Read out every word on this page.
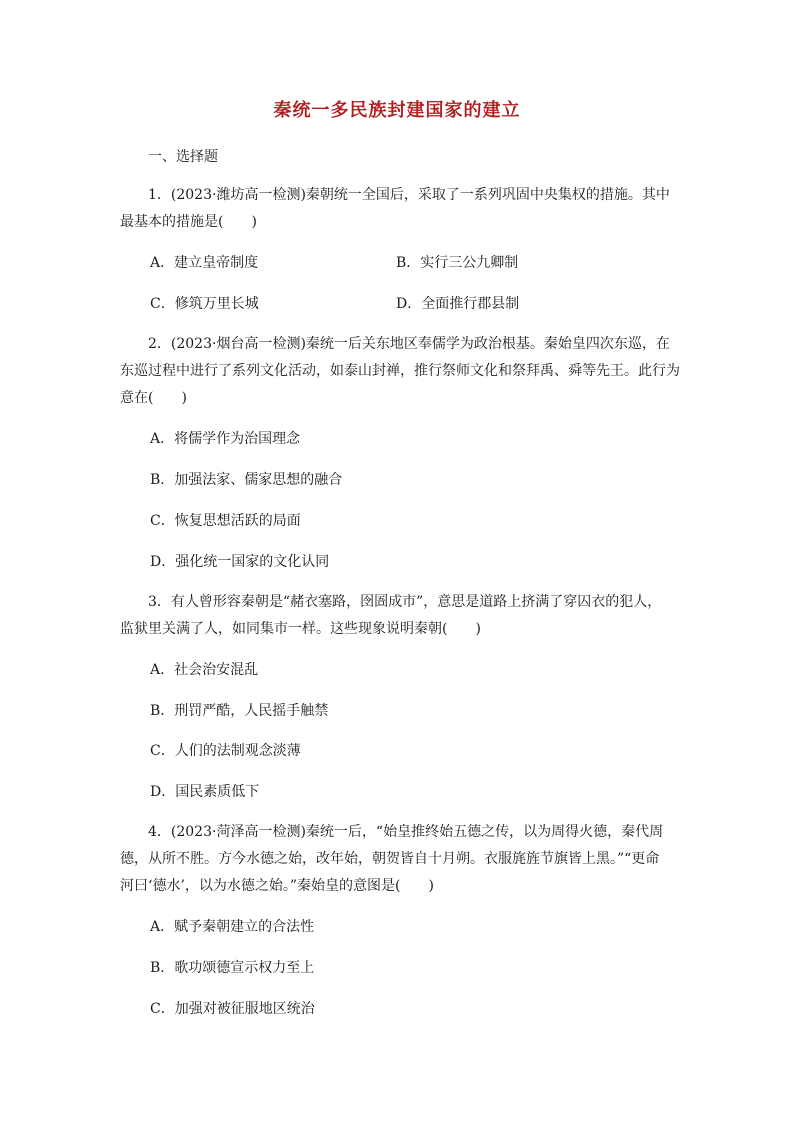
秦统一多民族封建国家的建立
一、选择题
1．(2023·潍坊高一检测)秦朝统一全国后，采取了一系列巩固中央集权的措施。其中
最基本的措施是(　　)
A．建立皇帝制度	B．实行三公九卿制
C．修筑万里长城	D．全面推行郡县制
2．(2023·烟台高一检测)秦统一后关东地区奉儒学为政治根基。秦始皇四次东巡，在
东巡过程中进行了系列文化活动，如泰山封禅，推行祭师文化和祭拜禹、舜等先王。此行为
意在(　　)
A．将儒学作为治国理念
B．加强法家、儒家思想的融合
C．恢复思想活跃的局面
D．强化统一国家的文化认同
3．有人曾形容秦朝是“赭衣塞路，囹圄成市”，意思是道路上挤满了穿囚衣的犯人，
监狱里关满了人，如同集市一样。这些现象说明秦朝(　　)
A．社会治安混乱
B．刑罚严酷，人民摇手触禁
C．人们的法制观念淡薄
D．国民素质低下
4．(2023·菏泽高一检测)秦统一后，“始皇推终始五德之传，以为周得火德，秦代周
德，从所不胜。方今水德之始，改年始，朝贺皆自十月朔。衣服旄旌节旗皆上黑。”“更命
河曰‘德水’，以为水德之始。”秦始皇的意图是(　　)
A．赋予秦朝建立的合法性
B．歌功颂德宣示权力至上
C．加强对被征服地区统治
